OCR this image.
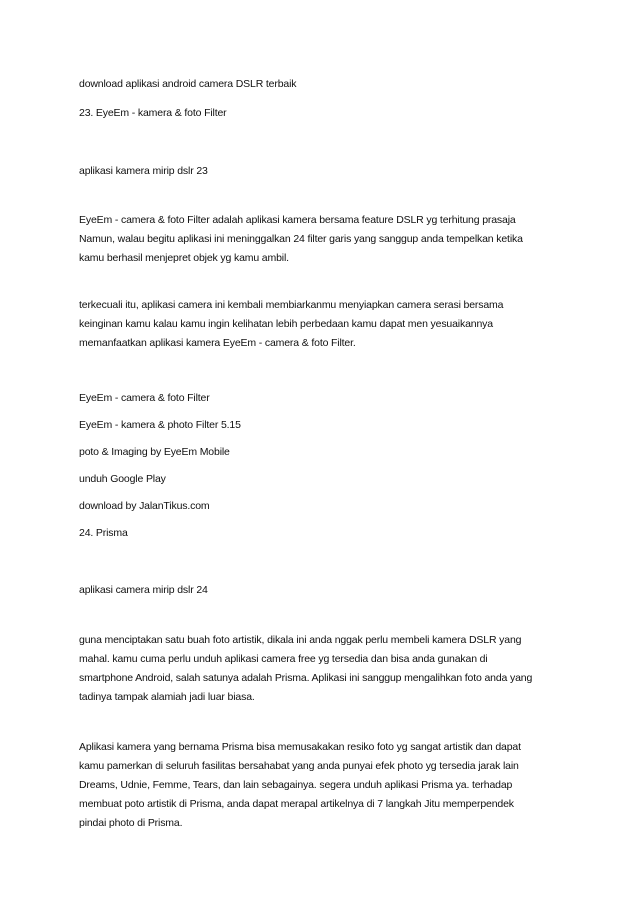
download aplikasi android camera DSLR terbaik
23. EyeEm - kamera & foto Filter
aplikasi kamera mirip dslr 23
EyeEm - camera & foto Filter adalah aplikasi kamera bersama feature DSLR yg terhitung prasaja
Namun, walau begitu aplikasi ini meninggalkan 24 filter garis yang sanggup anda tempelkan ketika
kamu berhasil menjepret objek yg kamu ambil.
terkecuali itu, aplikasi camera ini kembali membiarkanmu menyiapkan camera serasi bersama
keinginan kamu kalau kamu ingin kelihatan lebih perbedaan kamu dapat men yesuaikannya
memanfaatkan aplikasi kamera EyeEm - camera & foto Filter.
EyeEm - camera & foto Filter
EyeEm - kamera & photo Filter 5.15
poto & Imaging by EyeEm Mobile
unduh Google Play
download by JalanTikus.com
24. Prisma
aplikasi camera mirip dslr 24
guna menciptakan satu buah foto artistik, dikala ini anda nggak perlu membeli kamera DSLR yang
mahal. kamu cuma perlu unduh aplikasi camera free yg tersedia dan bisa anda gunakan di
smartphone Android, salah satunya adalah Prisma. Aplikasi ini sanggup mengalihkan foto anda yang
tadinya tampak alamiah jadi luar biasa.
Aplikasi kamera yang bernama Prisma bisa memusakakan resiko foto yg sangat artistik dan dapat
kamu pamerkan di seluruh fasilitas bersahabat yang anda punyai efek photo yg tersedia jarak lain
Dreams, Udnie, Femme, Tears, dan lain sebagainya. segera unduh aplikasi Prisma ya. terhadap
membuat poto artistik di Prisma, anda dapat merapal artikelnya di 7 langkah Jitu memperpendek
pindai photo di Prisma.
